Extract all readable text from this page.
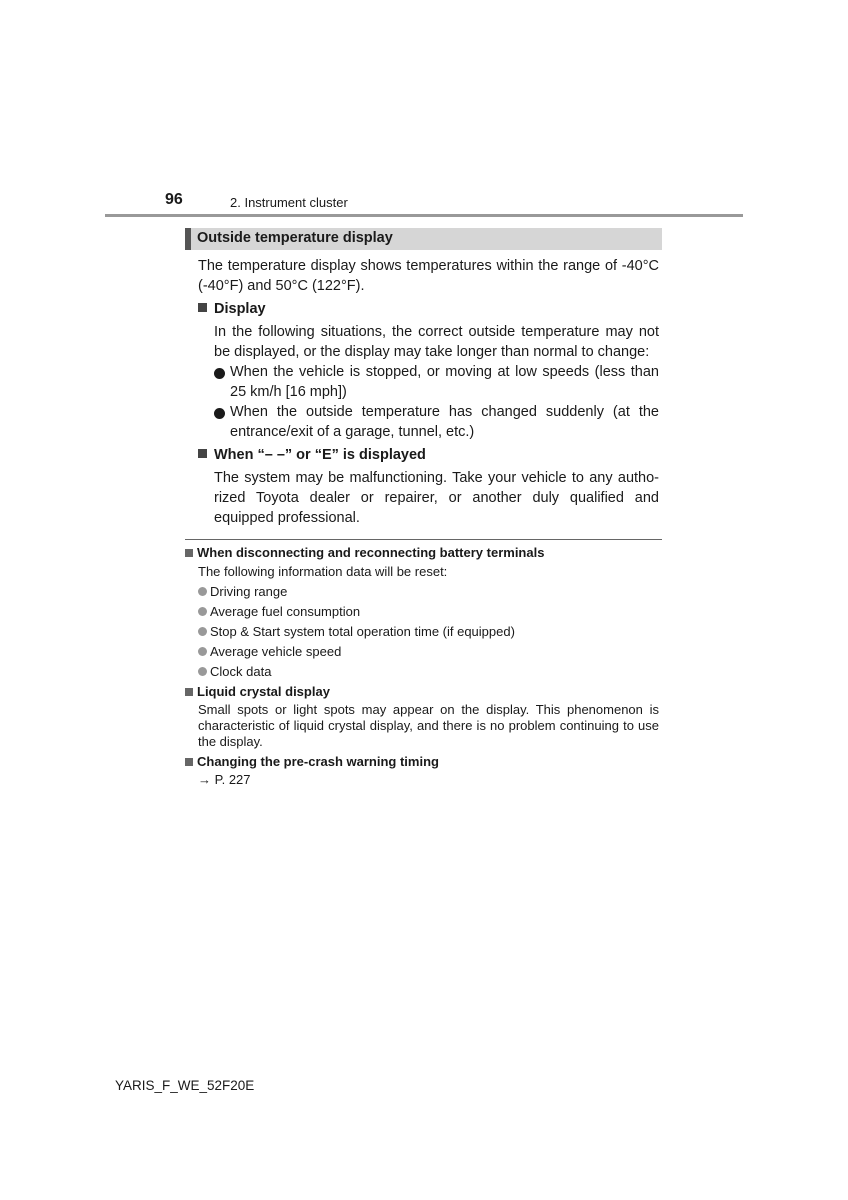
96	2. Instrument cluster
Outside temperature display
The temperature display shows temperatures within the range of -40°C (-40°F) and 50°C (122°F).
Display
In the following situations, the correct outside temperature may not be displayed, or the display may take longer than normal to change:
When the vehicle is stopped, or moving at low speeds (less than 25 km/h [16 mph])
When the outside temperature has changed suddenly (at the entrance/exit of a garage, tunnel, etc.)
When “– –” or “E” is displayed
The system may be malfunctioning. Take your vehicle to any autho-rized Toyota dealer or repairer, or another duly qualified and equipped professional.
When disconnecting and reconnecting battery terminals
The following information data will be reset:
Driving range
Average fuel consumption
Stop & Start system total operation time (if equipped)
Average vehicle speed
Clock data
Liquid crystal display
Small spots or light spots may appear on the display. This phenomenon is characteristic of liquid crystal display, and there is no problem continuing to use the display.
Changing the pre-crash warning timing
→ P. 227
YARIS_F_WE_52F20E
